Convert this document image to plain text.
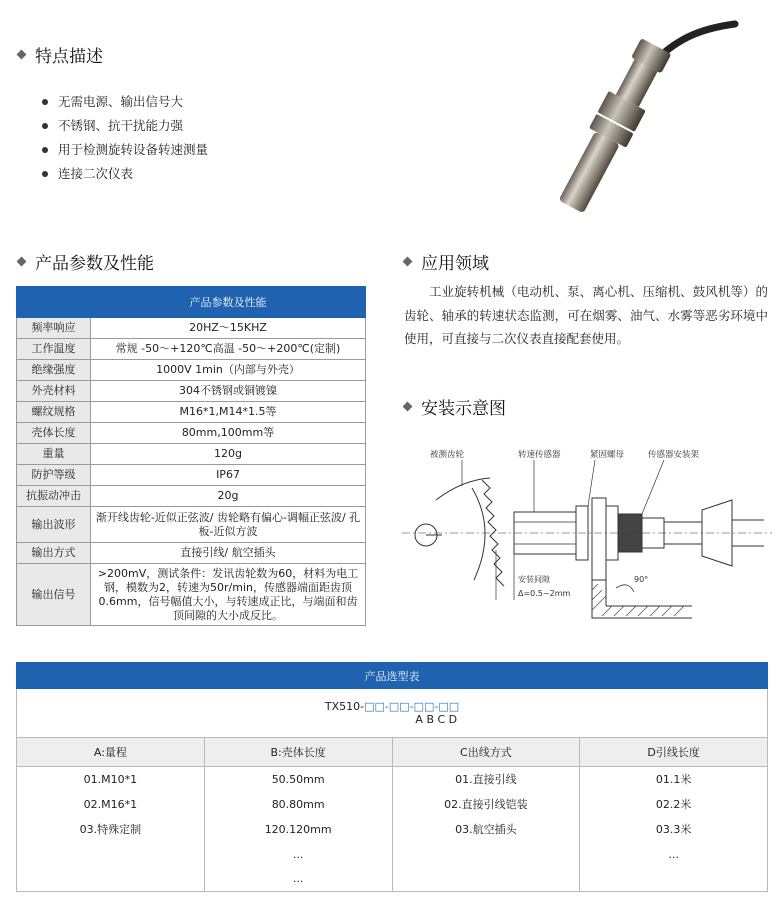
特点描述
无需电源、输出信号大
不锈钢、抗干扰能力强
用于检测旋转设备转速测量
连接二次仪表
产品参数及性能
	产品参数及性能
频率响应	20HZ～15KHZ
工作温度	常规 -50～+120℃高温 -50～+200℃(定制)
绝缘强度	1000V 1min（内部与外壳）
外壳材料	304不锈钢或铜镀镍
螺纹规格	M16*1,M14*1.5等
壳体长度	80mm,100mm等
重量	120g
防护等级	IP67
抗振动冲击	20g
输出波形	渐开线齿轮-近似正弦波/ 齿轮略有偏心-调幅正弦波/ 孔板-近似方波
输出方式	直接引线/ 航空插头
输出信号	>200mV，测试条件：发讯齿轮数为60，材料为电工钢，模数为2，转速为50r/min，传感器端面距齿顶0.6mm，信号幅值大小，与转速成正比，与端面和齿顶间隙的大小成反比。
应用领域

工业旋转机械（电动机、泵、离心机、压缩机、鼓风机等）的齿轮、轴承的转速状态监测，可在烟雾、油气、水雾等恶劣环境中使用，可直接与二次仪表直接配套使用。

安装示意图
被测齿轮	转速传感器	紧固螺母	传感器安装架
安装间隙
Δ=0.5~2mm
90°
产品选型表			
TX510-□□-□□-□□-□□
A B C D			

A:量程	B:壳体长度	C出线方式	D引线长度
01.M10*1	50.50mm	01.直接引线	01.1米
02.M16*1	80.80mm	02.直接引线铠装	02.2米
03.特殊定制	120.120mm	03.航空插头	03.3米
	...		...
	...		
